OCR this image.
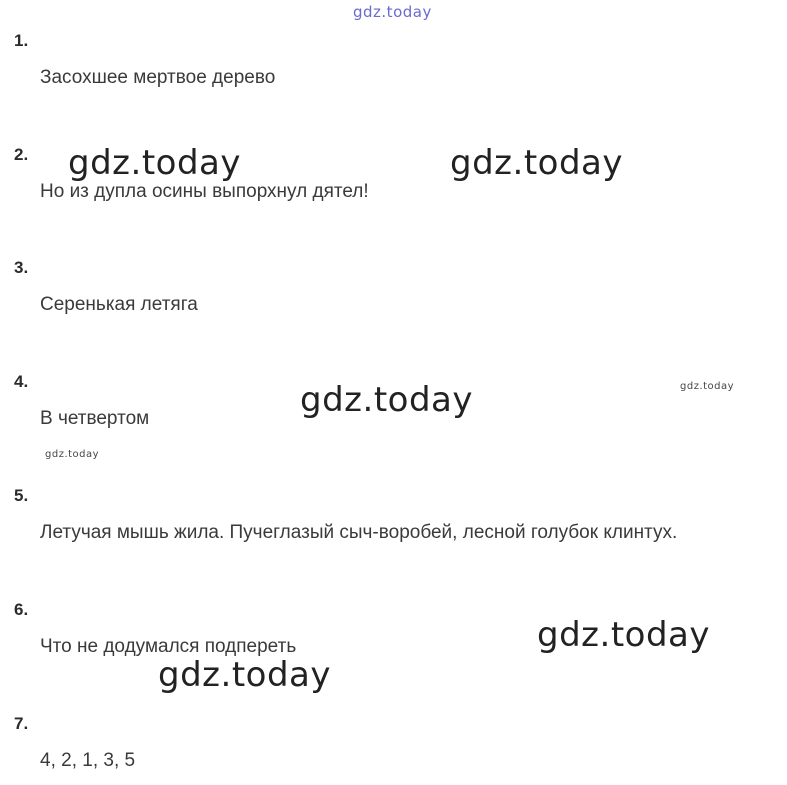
gdz.today
gdz.today	gdz.today
gdz.today	gdz.today
gdz.today
gdz.today
gdz.today

1.

Засохшее мертвое дерево

2.

Но из дупла осины выпорхнул дятел!

3.

Серенькая летяга

4.

В четвертом

5.

Летучая мышь жила. Пучеглазый сыч-воробей, лесной голубок клинтух.

6.

Что не додумался подпереть

7.

4, 2, 1, 3, 5
